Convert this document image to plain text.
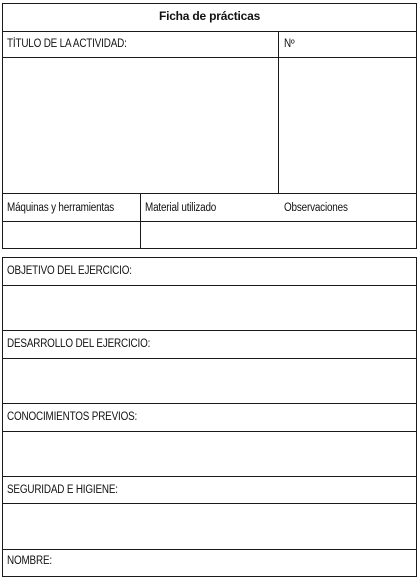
Ficha de prácticas
TÍTULO DE LA ACTIVIDAD:	Nº
Máquinas y herramientas	Material utilizado	Observaciones
OBJETIVO DEL EJERCICIO:
DESARROLLO DEL EJERCICIO:
CONOCIMIENTOS PREVIOS:
SEGURIDAD E HIGIENE:
NOMBRE:
